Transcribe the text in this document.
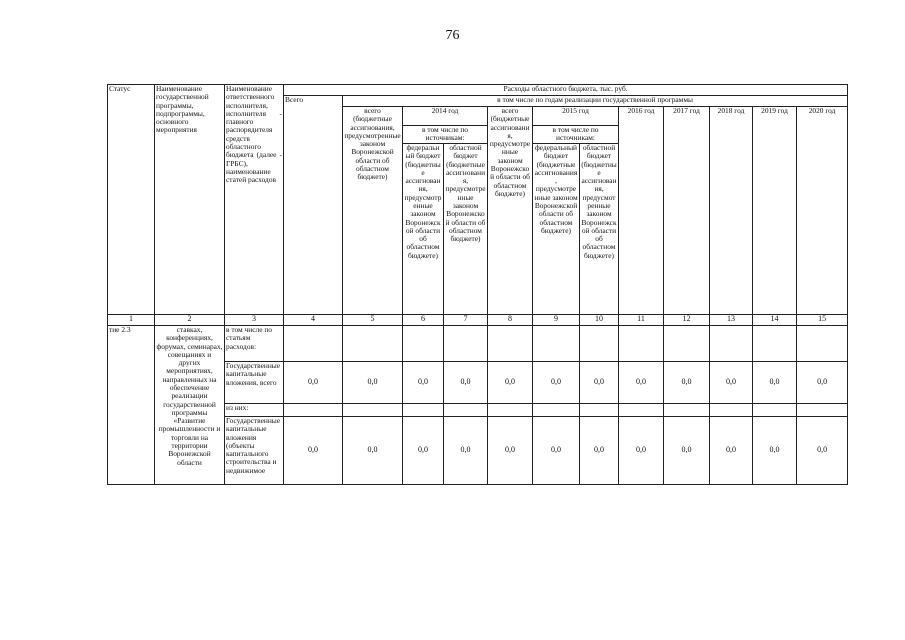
76
Статус	Наименование государственной программы, подпрограммы, основного мероприятия	Наименование ответственного исполнителя, исполнителя - главного распорядителя средств областного бюджета (далее - ГРБС), наименование статей расходов	Расходы областного бюджета, тыс. руб.											
			Всего	в том числе по годам реализации государственной программы										
				всего (бюджетные ассигнования, предусмотренные законом Воронежской области об областном бюджете)	2014 год		всего (бюджетные ассигнования, предусмотренные законом Воронежской области об областном бюджете)	2015 год		2016 год	2017 год	2018 год	2019 год	2020 год
					в том числе по источникам:			в том числе по источникам:						
					федеральный бюджет (бюджетные ассигнования, предусмотренные законом Воронежской области об областном бюджете)	областной бюджет (бюджетные ассигнования, предусмотренные законом Воронежской области об областном бюджете)		федеральный бюджет (бюджетные ассигнования, предусмотренные законом Воронежской области об областном бюджете)	областной бюджет (бюджетные ассигнования, предусмотренные законом Воронежской области об областном бюджете)					
1	2	3	4	5	6	7	8	9	10	11	12	13	14	15
тие 2.3	ставках, конференциях, форумах, семинарах, совещаниях и других мероприятиях, направленных на обеспечение реализации государственной программы «Развитие промышленности и торговли на территории Воронежской области	в том числе по статьям расходов:												
		Государственные капитальные вложения, всего	0,0	0,0	0,0	0,0	0,0	0,0	0,0	0,0	0,0	0,0	0,0	0,0
		из них:												
		Государственные капитальные вложения (объекты капитального строительства и недвижимое	0,0	0,0	0,0	0,0	0,0	0,0	0,0	0,0	0,0	0,0	0,0	0,0
